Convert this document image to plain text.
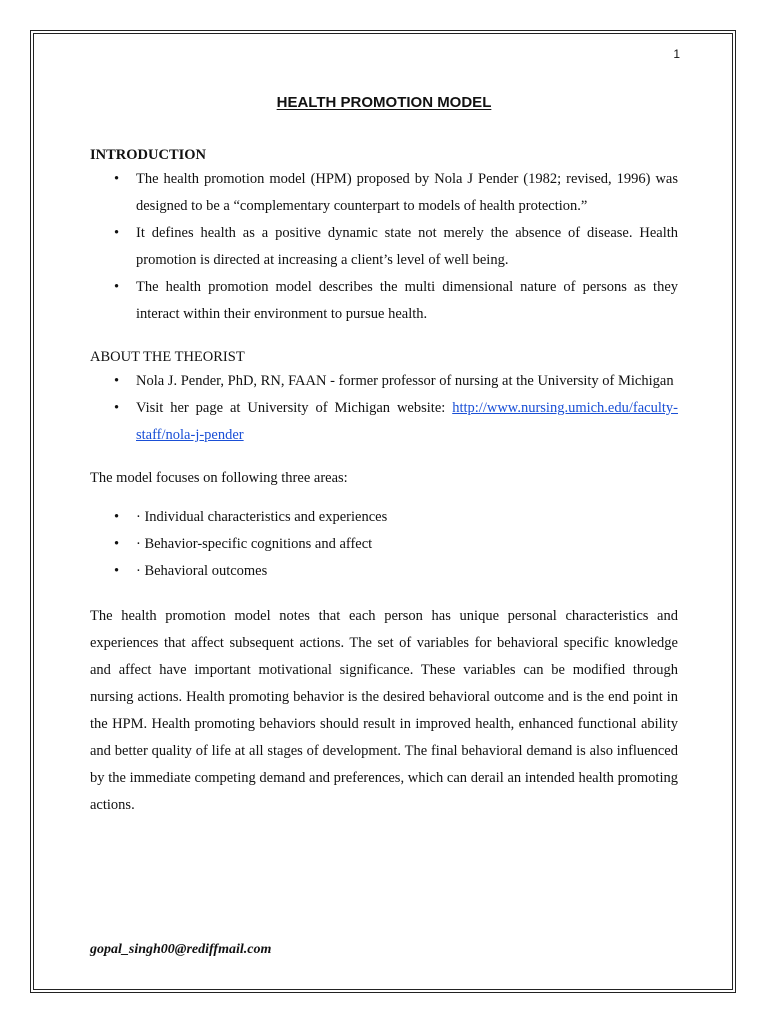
1
HEALTH PROMOTION MODEL

INTRODUCTION

• The health promotion model (HPM) proposed by Nola J Pender (1982; revised, 1996) was designed to be a “complementary counterpart to models of health protection.”
• It defines health as a positive dynamic state not merely the absence of disease. Health promotion is directed at increasing a client’s level of well being.
• The health promotion model describes the multi dimensional nature of persons as they interact within their environment to pursue health.

ABOUT THE THEORIST

• Nola J. Pender, PhD, RN, FAAN - former professor of nursing at the University of Michigan
• Visit her page at University of Michigan website: http://www.nursing.umich.edu/faculty-staff/nola-j-pender

The model focuses on following three areas:

• · Individual characteristics and experiences
• · Behavior-specific cognitions and affect
• · Behavioral outcomes

The health promotion model notes that each person has unique personal characteristics and experiences that affect subsequent actions. The set of variables for behavioral specific knowledge and affect have important motivational significance. These variables can be modified through nursing actions. Health promoting behavior is the desired behavioral outcome and is the end point in the HPM. Health promoting behaviors should result in improved health, enhanced functional ability and better quality of life at all stages of development. The final behavioral demand is also influenced by the immediate competing demand and preferences, which can derail an intended health promoting actions.

gopal_singh00@rediffmail.com
